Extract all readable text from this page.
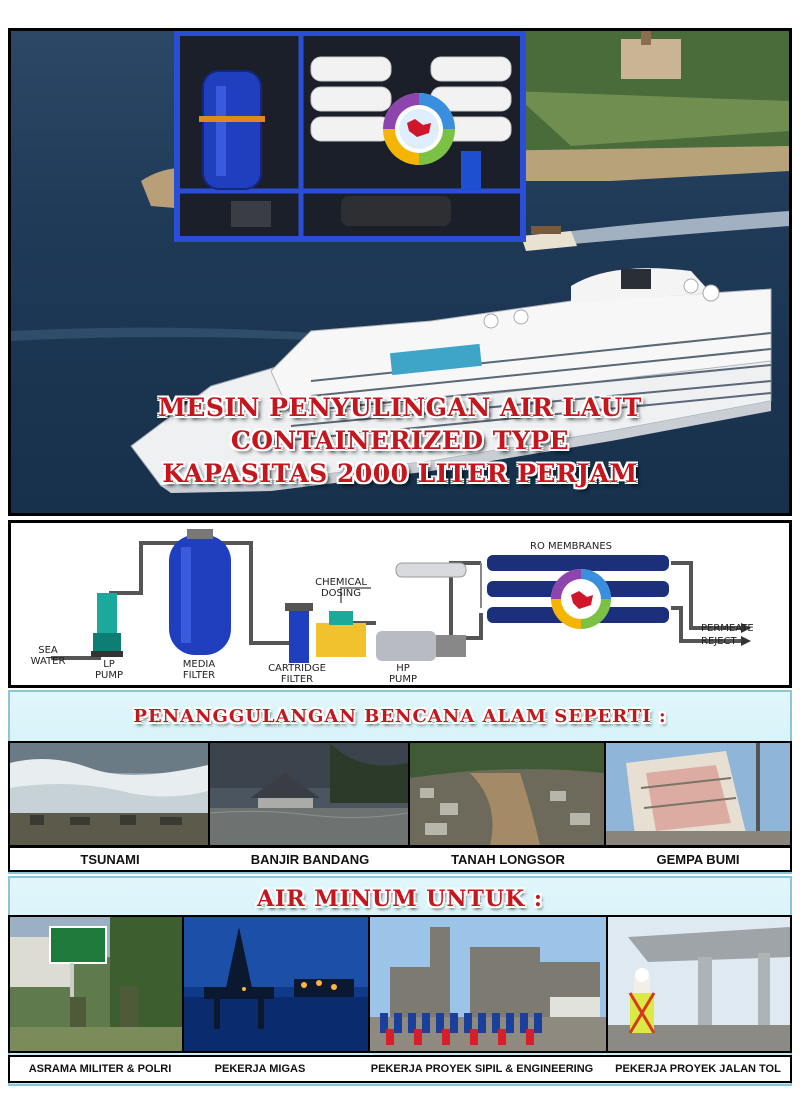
MESIN PENYULINGAN AIR LAUT
CONTAINERIZED TYPE
KAPASITAS 2000 LITER PERJAM
SEA
WATER	LP
PUMP
MEDIA
FILTER
CARTRIDGE
FILTER
CHEMICAL
DOSING
HP
PUMP
RO MEMBRANES
PERMEATE
REJECT
PENANGGULANGAN BENCANA ALAM SEPERTI :
TSUNAMI	BANJIR BANDANG	TANAH LONGSOR	GEMPA BUMI
AIR MINUM UNTUK :
ASRAMA MILITER & POLRI	PEKERJA MIGAS	PEKERJA PROYEK SIPIL & ENGINEERING	PEKERJA PROYEK JALAN TOL
